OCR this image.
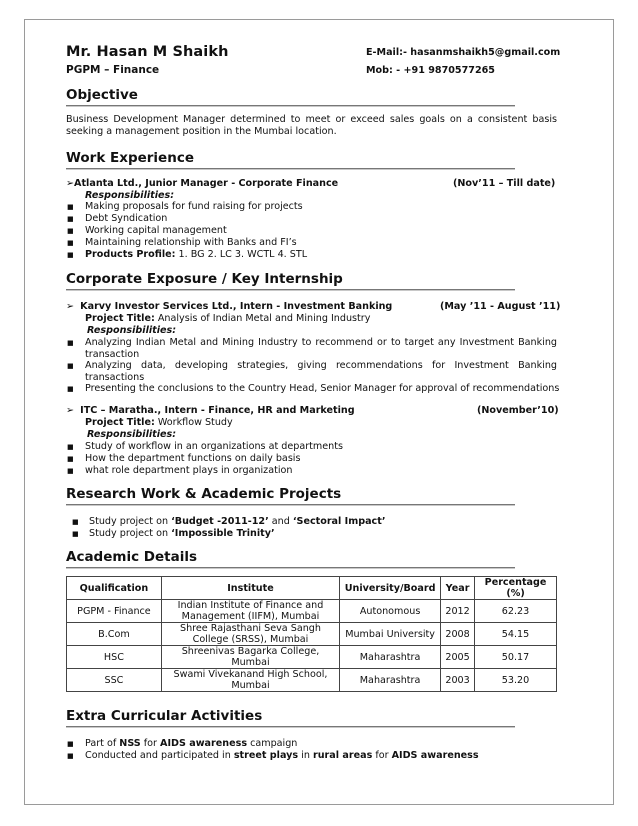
Mr. Hasan M Shaikh
PGPM – Finance
E-Mail:- hasanmshaikh5@gmail.com
Mob: - +91 9870577265
Objective
Business Development Manager determined to meet or exceed sales goals on a consistent basis
seeking a management position in the Mumbai location.
Work Experience
➢Atlanta Ltd., Junior Manager - Corporate Finance	(Nov’11 – Till date)
Responsibilities:
■ Making proposals for fund raising for projects
■ Debt Syndication
■ Working capital management
■ Maintaining relationship with Banks and FI’s
■ Products Profile: 1. BG 2. LC 3. WCTL 4. STL
Corporate Exposure / Key Internship
➢ Karvy Investor Services Ltd., Intern - Investment Banking	(May ’11 - August ’11)
Project Title: Analysis of Indian Metal and Mining Industry
Responsibilities:
■ Analyzing Indian Metal and Mining Industry to recommend or to target any Investment Banking
transaction
■ Analyzing data, developing strategies, giving recommendations for Investment Banking
transactions
■ Presenting the conclusions to the Country Head, Senior Manager for approval of recommendations
➢ ITC – Maratha., Intern - Finance, HR and Marketing	(November’10)
Project Title: Workflow Study
Responsibilities:
■ Study of workflow in an organizations at departments
■ How the department functions on daily basis
■ what role department plays in organization
Research Work & Academic Projects
■ Study project on ‘Budget -2011-12’ and ‘Sectoral Impact’
■ Study project on ‘Impossible Trinity’
Academic Details
Qualification	Institute	University/Board	Year	Percentage (%)
PGPM - Finance	Indian Institute of Finance and Management (IIFM), Mumbai	Autonomous	2012	62.23
B.Com	Shree Rajasthani Seva Sangh College (SRSS), Mumbai	Mumbai University	2008	54.15
HSC	Shreenivas Bagarka College, Mumbai	Maharashtra	2005	50.17
SSC	Swami Vivekanand High School, Mumbai	Maharashtra	2003	53.20
Extra Curricular Activities
■ Part of NSS for AIDS awareness campaign
■ Conducted and participated in street plays in rural areas for AIDS awareness
